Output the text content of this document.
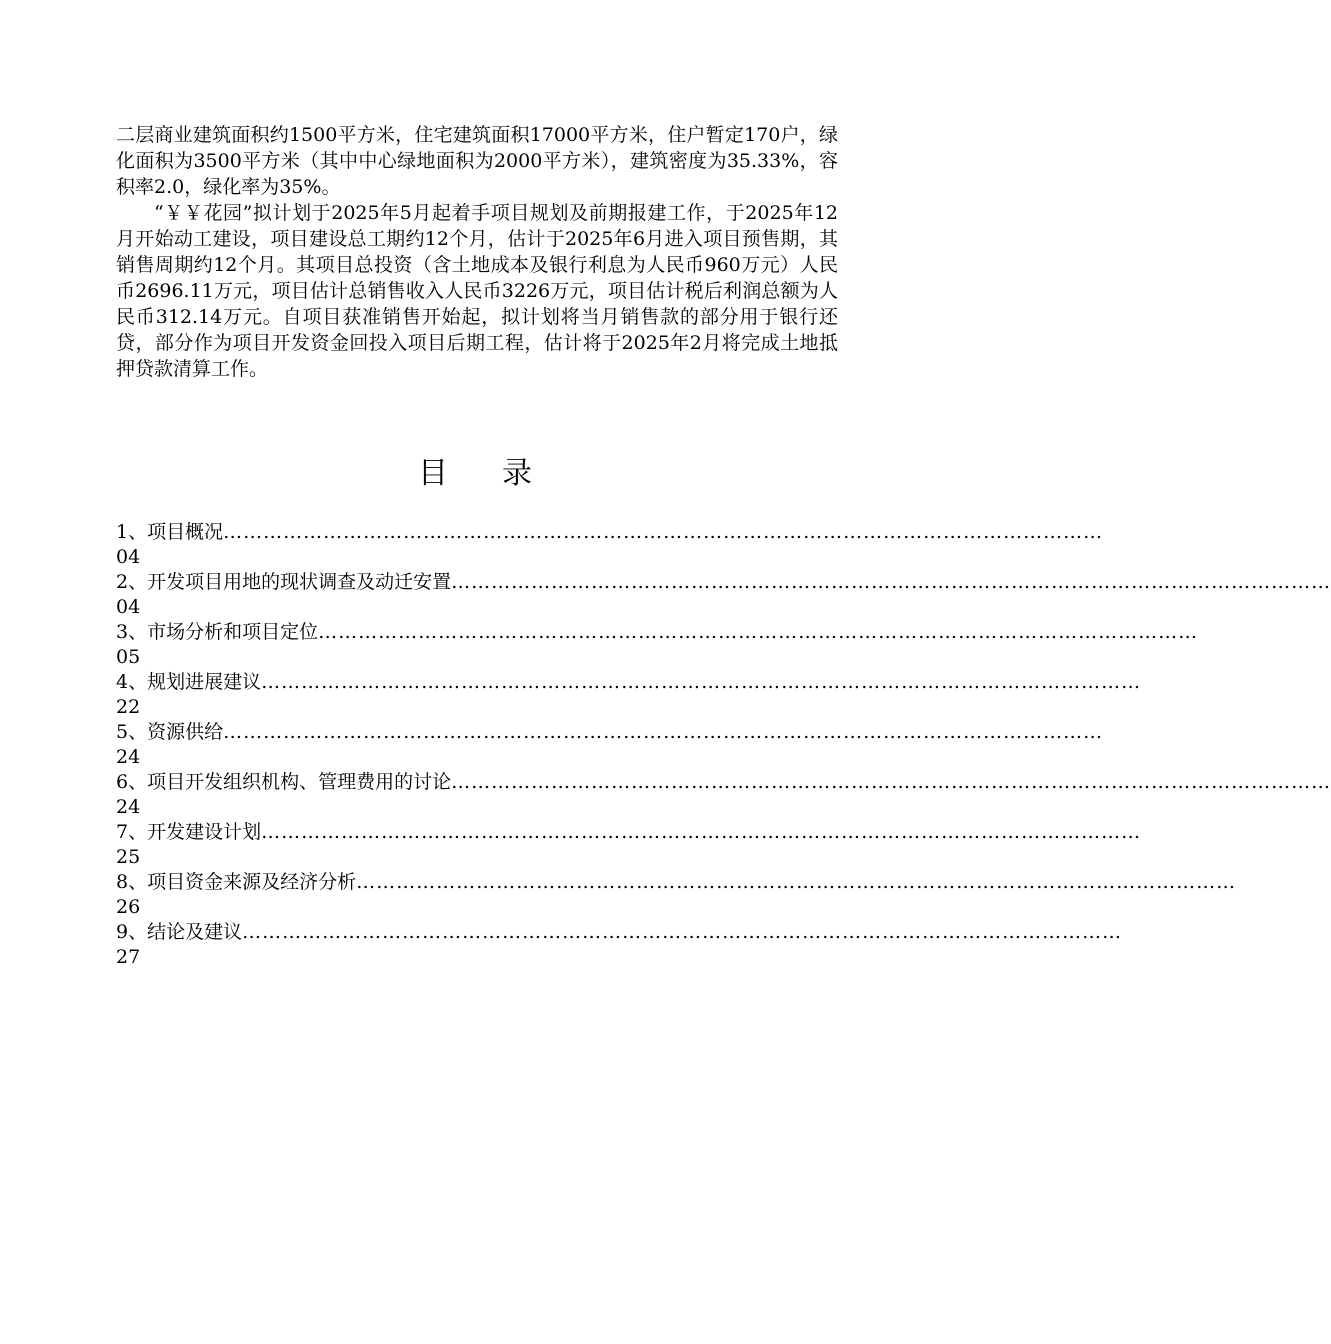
二层商业建筑面积约1500平方米，住宅建筑面积17000平方米，住户暂定170户，绿化面积为3500平方米（其中中心绿地面积为2000平方米），建筑密度为35.33%，容积率2.0，绿化率为35%。

“￥￥花园”拟计划于2025年5月起着手项目规划及前期报建工作，于2025年12月开始动工建设，项目建设总工期约12个月，估计于2025年6月进入项目预售期，其销售周期约12个月。其项目总投资（含土地成本及银行利息为人民币960万元）人民币2696.11万元，项目估计总销售收入人民币3226万元，项目估计税后利润总额为人民币312.14万元。自项目获准销售开始起，拟计划将当月销售款的部分用于银行还贷，部分作为项目开发资金回投入项目后期工程，估计将于2025年2月将完成土地抵押贷款清算工作。

目录
1、项目概况 ……………………………………………………………………………………………………………………
04
2、开发项目用地的现状调查及动迁安置 ……………………………………………………………………………………………………………………
04
3、市场分析和项目定位 ……………………………………………………………………………………………………………………
05
4、规划进展建议 ……………………………………………………………………………………………………………………
22
5、资源供给 ……………………………………………………………………………………………………………………
24
6、项目开发组织机构、管理费用的讨论 ……………………………………………………………………………………………………………………
24
7、开发建设计划 ……………………………………………………………………………………………………………………
25
8、项目资金来源及经济分析 ……………………………………………………………………………………………………………………
26
9、结论及建议 ……………………………………………………………………………………………………………………
27
